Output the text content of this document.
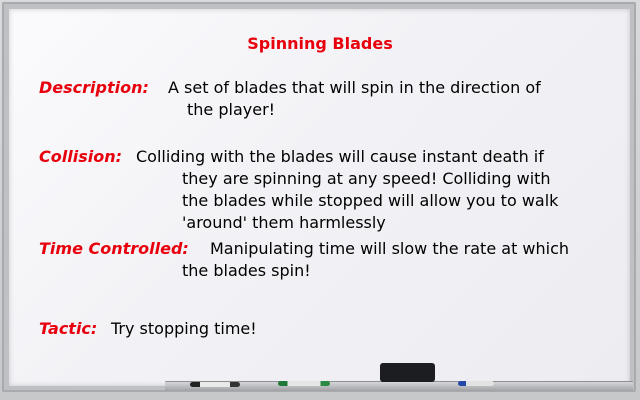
Spinning Blades
Description: A set of blades that will spin in the direction of
the player!
Collision: Colliding with the blades will cause instant death if
they are spinning at any speed! Colliding with
the blades while stopped will allow you to walk
'around' them harmlessly
Time Controlled: Manipulating time will slow the rate at which
the blades spin!
Tactic: Try stopping time!
